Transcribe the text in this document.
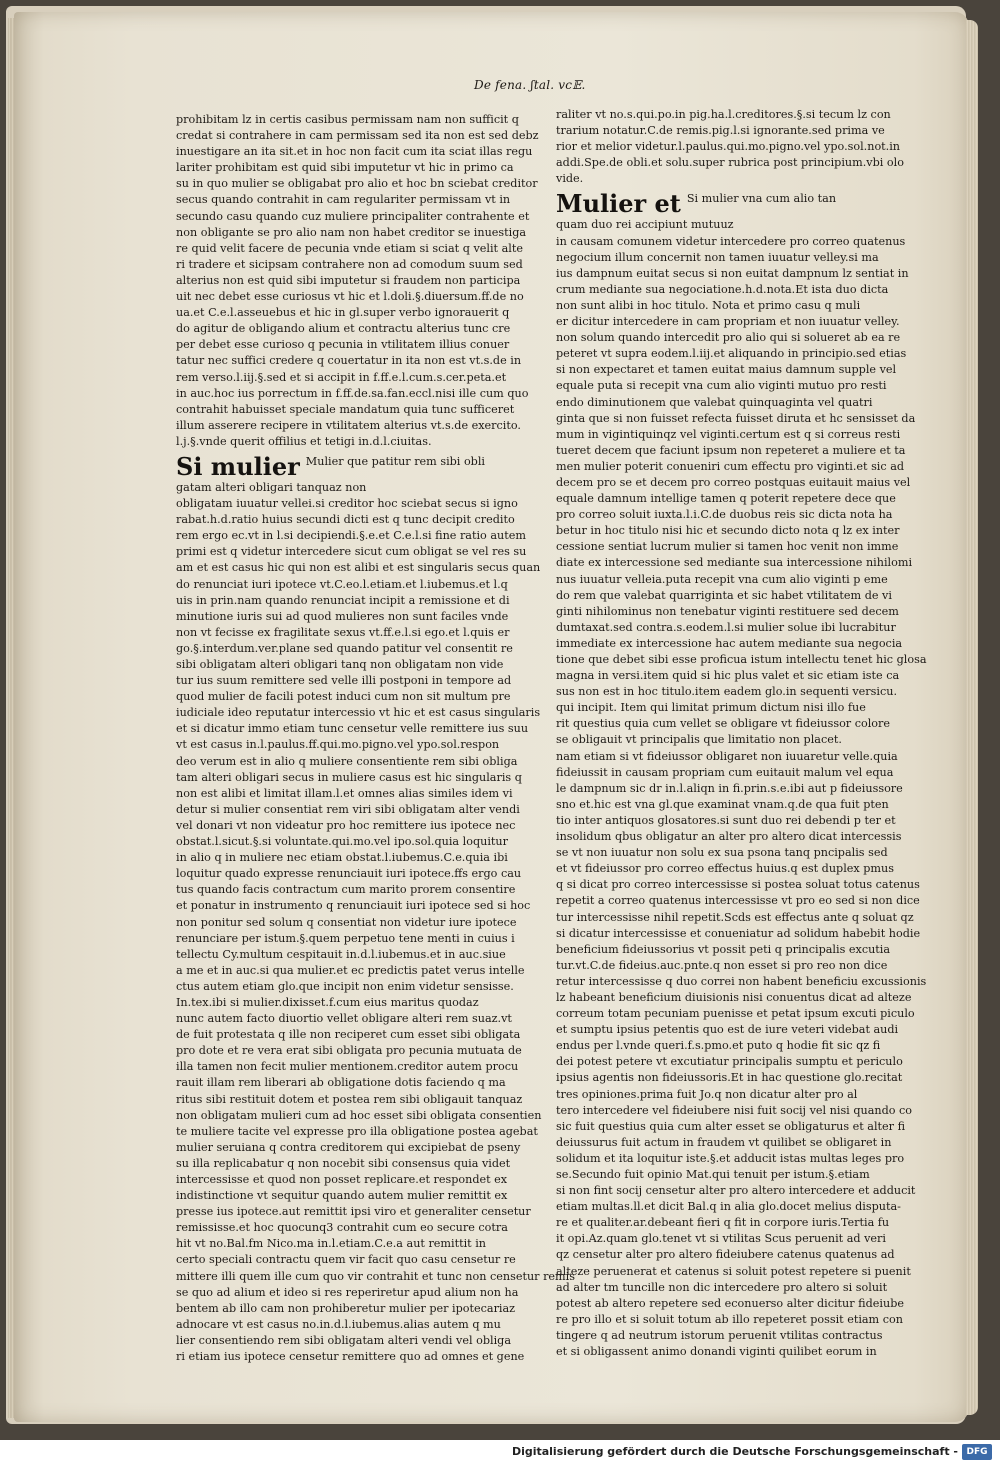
De fena. ʃtal. vc𝔼.
prohibitam lz in certis casibus permissam nam non sufficit q
credat si contrahere in cam permissam sed ita non est sed debz
inuestigare an ita sit.et in hoc non facit cum ita sciat illas regu
lariter prohibitam est quid sibi imputetur vt hic in primo ca
su in quo mulier se obligabat pro alio et hoc bn sciebat creditor
secus quando contrahit in cam regulariter permissam vt in
secundo casu quando cuz muliere principaliter contrahente et
non obligante se pro alio nam non habet creditor se inuestiga
re quid velit facere de pecunia vnde etiam si sciat q velit alte
ri tradere et sicipsam contrahere non ad comodum suum sed
alterius non est quid sibi imputetur si fraudem non participa
uit nec debet esse curiosus vt hic et l.doli.§.diuersum.ff.de no
ua.et C.e.l.asseuebus et hic in gl.super verbo ignorauerit q
do agitur de obligando alium et contractu alterius tunc cre
per debet esse curioso q pecunia in vtilitatem illius conuer
tatur nec suffici credere q couertatur in ita non est vt.s.de in
rem verso.l.iij.§.sed et si accipit in f.ff.e.l.cum.s.cer.peta.et
in auc.hoc ius porrectum in f.ff.de.sa.fan.eccl.nisi ille cum quo
contrahit habuisset speciale mandatum quia tunc sufficeret
illum asserere recipere in vtilitatem alterius vt.s.de exercito.
l.j.§.vnde querit offilius et tetigi in.d.l.ciuitas.
Si mulier Mulier que patitur rem sibi obli
gatam alteri obligari tanquaz non
obligatam iuuatur vellei.si creditor hoc sciebat secus si igno
rabat.h.d.ratio huius secundi dicti est q tunc decipit credito
rem ergo ec.vt in l.si decipiendi.§.e.et C.e.l.si fine ratio autem
primi est q videtur intercedere sicut cum obligat se vel res su
am et est casus hic qui non est alibi et est singularis secus quan
do renunciat iuri ipotece vt.C.eo.l.etiam.et l.iubemus.et l.q
uis in prin.nam quando renunciat incipit a remissione et di
minutione iuris sui ad quod mulieres non sunt faciles vnde
non vt fecisse ex fragilitate sexus vt.ff.e.l.si ego.et l.quis er
go.§.interdum.ver.plane sed quando patitur vel consentit re
sibi obligatam alteri obligari tanq non obligatam non vide
tur ius suum remittere sed velle illi postponi in tempore ad
quod mulier de facili potest induci cum non sit multum pre
iudiciale ideo reputatur intercessio vt hic et est casus singularis
et si dicatur immo etiam tunc censetur velle remittere ius suu
vt est casus in.l.paulus.ff.qui.mo.pigno.vel ypo.sol.respon
deo verum est in alio q muliere consentiente rem sibi obliga
tam alteri obligari secus in muliere casus est hic singularis q
non est alibi et limitat illam.l.et omnes alias similes idem vi
detur si mulier consentiat rem viri sibi obligatam alter vendi
vel donari vt non videatur pro hoc remittere ius ipotece nec
obstat.l.sicut.§.si voluntate.qui.mo.vel ipo.sol.quia loquitur
in alio q in muliere nec etiam obstat.l.iubemus.C.e.quia ibi
loquitur quado expresse renunciauit iuri ipotece.ffs ergo cau
tus quando facis contractum cum marito prorem consentire
et ponatur in instrumento q renunciauit iuri ipotece sed si hoc
non ponitur sed solum q consentiat non videtur iure ipotece
renunciare per istum.§.quem perpetuo tene menti in cuius i
tellectu Cy.multum cespitauit in.d.l.iubemus.et in auc.siue
a me et in auc.si qua mulier.et ec predictis patet verus intelle
ctus autem etiam glo.que incipit non enim videtur sensisse.
In.tex.ibi si mulier.dixisset.f.cum eius maritus quodaz
nunc autem facto diuortio vellet obligare alteri rem suaz.vt
de fuit protestata q ille non reciperet cum esset sibi obligata
pro dote et re vera erat sibi obligata pro pecunia mutuata de
illa tamen non fecit mulier mentionem.creditor autem procu
rauit illam rem liberari ab obligatione dotis faciendo q ma
ritus sibi restituit dotem et postea rem sibi obligauit tanquaz
non obligatam mulieri cum ad hoc esset sibi obligata consentien
te muliere tacite vel expresse pro illa obligatione postea agebat
mulier seruiana q contra creditorem qui excipiebat de pseny
su illa replicabatur q non nocebit sibi consensus quia videt
intercessisse et quod non posset replicare.et respondet ex
indistinctione vt sequitur quando autem mulier remittit ex
presse ius ipotece.aut remittit ipsi viro et generaliter censetur
remississe.et hoc quocunq3 contrahit cum eo secure cotra
hit vt no.Bal.fm Nico.ma in.l.etiam.C.e.a aut remittit in
certo speciali contractu quem vir facit quo casu censetur re
mittere illi quem ille cum quo vir contrahit et tunc non censetur remis
se quo ad alium et ideo si res reperiretur apud alium non ha
bentem ab illo cam non prohiberetur mulier per ipotecariaz
adnocare vt est casus no.in.d.l.iubemus.alias autem q mu
lier consentiendo rem sibi obligatam alteri vendi vel obliga
ri etiam ius ipotece censetur remittere quo ad omnes et gene
raliter vt no.s.qui.po.in pig.ha.l.creditores.§.si tecum lz con
trarium notatur.C.de remis.pig.l.si ignorante.sed prima ve
rior et melior videtur.l.paulus.qui.mo.pigno.vel ypo.sol.not.in
addi.Spe.de obli.et solu.super rubrica post principium.vbi olo
vide.
Mulier et Si mulier vna cum alio tan
quam duo rei accipiunt mutuuz
in causam comunem videtur intercedere pro correo quatenus
negocium illum concernit non tamen iuuatur velley.si ma
ius dampnum euitat secus si non euitat dampnum lz sentiat in
crum mediante sua negociatione.h.d.nota.Et ista duo dicta
non sunt alibi in hoc titulo. Nota et primo casu q muli
er dicitur intercedere in cam propriam et non iuuatur velley.
non solum quando intercedit pro alio qui si solueret ab ea re
peteret vt supra eodem.l.iij.et aliquando in principio.sed etias
si non expectaret et tamen euitat maius damnum supple vel
equale puta si recepit vna cum alio viginti mutuo pro resti
endo diminutionem que valebat quinquaginta vel quatri
ginta que si non fuisset refecta fuisset diruta et hc sensisset da
mum in vigintiquinqz vel viginti.certum est q si correus resti
tueret decem que faciunt ipsum non repeteret a muliere et ta
men mulier poterit conueniri cum effectu pro viginti.et sic ad
decem pro se et decem pro correo postquas euitauit maius vel
equale damnum intellige tamen q poterit repetere dece que
pro correo soluit iuxta.l.i.C.de duobus reis sic dicta nota ha
betur in hoc titulo nisi hic et secundo dicto nota q lz ex inter
cessione sentiat lucrum mulier si tamen hoc venit non imme
diate ex intercessione sed mediante sua intercessione nihilomi
nus iuuatur velleia.puta recepit vna cum alio viginti p eme
do rem que valebat quarriginta et sic habet vtilitatem de vi
ginti nihilominus non tenebatur viginti restituere sed decem
dumtaxat.sed contra.s.eodem.l.si mulier solue ibi lucrabitur
immediate ex intercessione hac autem mediante sua negocia
tione que debet sibi esse proficua istum intellectu tenet hic glosa
magna in versi.item quid si hic plus valet et sic etiam iste ca
sus non est in hoc titulo.item eadem glo.in sequenti versicu.
qui incipit. Item qui limitat primum dictum nisi illo fue
rit questius quia cum vellet se obligare vt fideiussor colore
se obligauit vt principalis que limitatio non placet.
nam etiam si vt fideiussor obligaret non iuuaretur velle.quia
fideiussit in causam propriam cum euitauit malum vel equa
le dampnum sic dr in.l.aliqn in fi.prin.s.e.ibi aut p fideiussore
sno et.hic est vna gl.que examinat vnam.q.de qua fuit pten
tio inter antiquos glosatores.si sunt duo rei debendi p ter et
insolidum qbus obligatur an alter pro altero dicat intercessis
se vt non iuuatur non solu ex sua psona tanq pncipalis sed
et vt fideiussor pro correo effectus huius.q est duplex pmus
q si dicat pro correo intercessisse si postea soluat totus catenus
repetit a correo quatenus intercessisse vt pro eo sed si non dice
tur intercessisse nihil repetit.Scds est effectus ante q soluat qz
si dicatur intercessisse et conueniatur ad solidum habebit hodie
beneficium fideiussorius vt possit peti q principalis excutia
tur.vt.C.de fideius.auc.pnte.q non esset si pro reo non dice
retur intercessisse q duo correi non habent beneficiu excussionis
lz habeant beneficium diuisionis nisi conuentus dicat ad alteze
correum totam pecuniam puenisse et petat ipsum excuti piculo
et sumptu ipsius petentis quo est de iure veteri videbat audi
endus per l.vnde queri.f.s.pmo.et puto q hodie fit sic qz fi
dei potest petere vt excutiatur principalis sumptu et periculo
ipsius agentis non fideiussoris.Et in hac questione glo.recitat
tres opiniones.prima fuit Jo.q non dicatur alter pro al
tero intercedere vel fideiubere nisi fuit socij vel nisi quando co
sic fuit questius quia cum alter esset se obligaturus et alter fi
deiussurus fuit actum in fraudem vt quilibet se obligaret in
solidum et ita loquitur iste.§.et adducit istas multas leges pro
se.Secundo fuit opinio Mat.qui tenuit per istum.§.etiam
si non fint socij censetur alter pro altero intercedere et adducit
etiam multas.ll.et dicit Bal.q in alia glo.docet melius disputa-
re et qualiter.ar.debeant fieri q fit in corpore iuris.Tertia fu
it opi.Az.quam glo.tenet vt si vtilitas Scus peruenit ad veri
qz censetur alter pro altero fideiubere catenus quatenus ad
alteze peruenerat et catenus si soluit potest repetere si puenit
ad alter tm tuncille non dic intercedere pro altero si soluit
potest ab altero repetere sed econuerso alter dicitur fideiube
re pro illo et si soluit totum ab illo repeteret possit etiam con
tingere q ad neutrum istorum peruenit vtilitas contractus
et si obligassent animo donandi viginti quilibet eorum in
Digitalisierung gefördert durch die Deutsche Forschungsgemeinschaft - DFG
